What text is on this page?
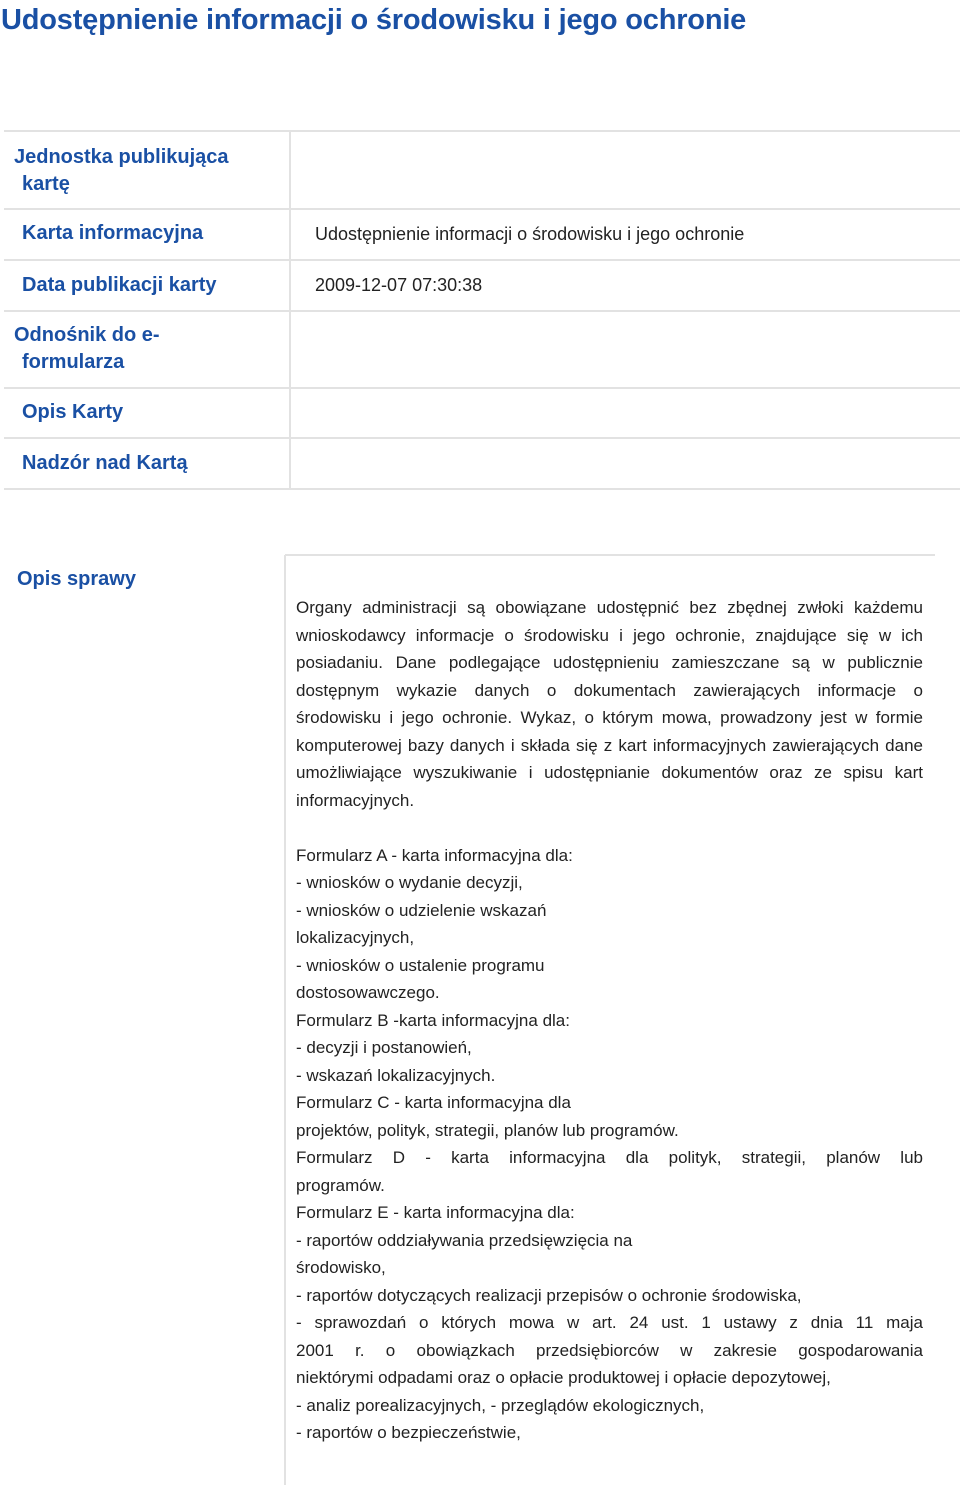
Udostępnienie informacji o środowisku i jego ochronie
Jednostka publikująca kartę
Karta informacyjna	Udostępnienie informacji o środowisku i jego ochronie
Data publikacji karty	2009-12-07 07:30:38
Odnośnik do e-formularza
Opis Karty
Nadzór nad Kartą
Opis sprawy

Organy administracji są obowiązane udostępnić bez zbędnej zwłoki każdemu wnioskodawcy informacje o środowisku i jego ochronie, znajdujące się w ich posiadaniu. Dane podlegające udostępnieniu zamieszczane są w publicznie dostępnym wykazie danych o dokumentach zawierających informacje o środowisku i jego ochronie. Wykaz, o którym mowa, prowadzony jest w formie komputerowej bazy danych i składa się z kart informacyjnych zawierających dane umożliwiające wyszukiwanie i udostępnianie dokumentów oraz ze spisu kart informacyjnych.

Formularz A - karta informacyjna dla:
- wniosków o wydanie decyzji,
- wniosków o udzielenie wskazań
lokalizacyjnych,
- wniosków o ustalenie programu
dostosowawczego.
Formularz B -karta informacyjna dla:
- decyzji i postanowień,
- wskazań lokalizacyjnych.
Formularz C - karta informacyjna dla
projektów, polityk, strategii, planów lub programów.
Formularz D - karta informacyjna dla polityk, strategii, planów lub
programów.
Formularz E - karta informacyjna dla:
- raportów oddziaływania przedsięwzięcia na
środowisko,
- raportów dotyczących realizacji przepisów o ochronie środowiska,
- sprawozdań o których mowa w art. 24 ust. 1 ustawy z dnia 11 maja
2001 r. o obowiązkach przedsiębiorców w zakresie gospodarowania
niektórymi odpadami oraz o opłacie produktowej i opłacie depozytowej,
- analiz porealizacyjnych, - przeglądów ekologicznych,
- raportów o bezpieczeństwie,
